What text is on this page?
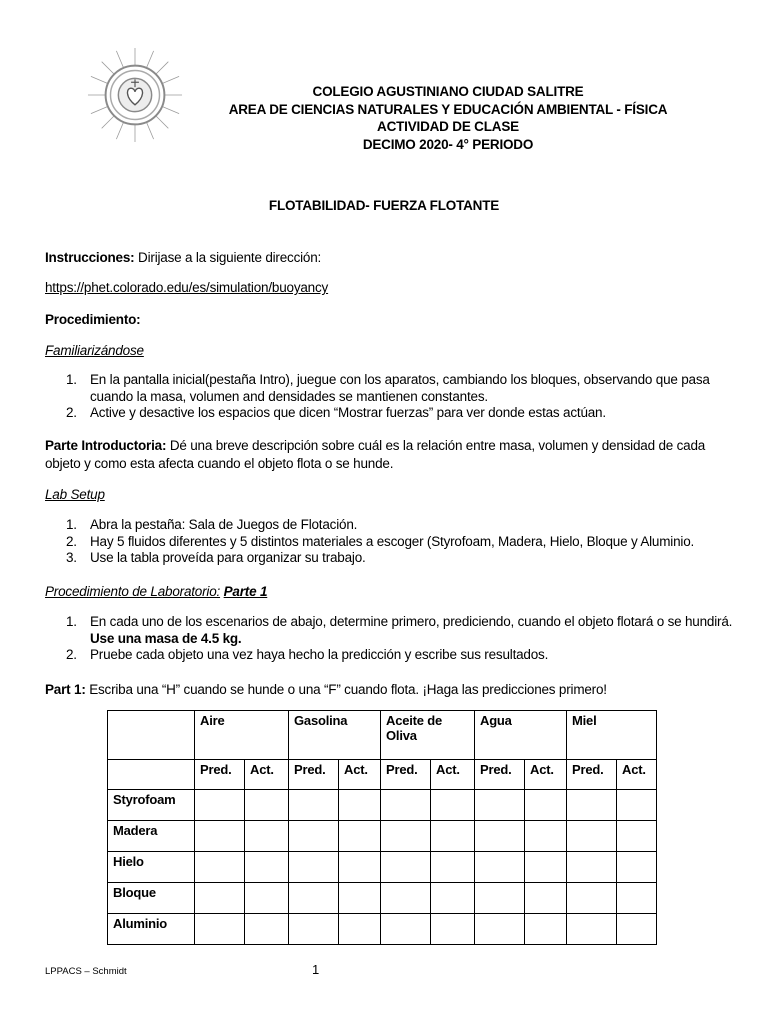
COLEGIO AGUSTINIANO CIUDAD SALITRE
AREA DE CIENCIAS NATURALES Y EDUCACIÓN AMBIENTAL - FÍSICA
ACTIVIDAD DE CLASE
DECIMO 2020- 4° PERIODO
FLOTABILIDAD- FUERZA FLOTANTE
Instrucciones: Dirijase a la siguiente dirección:
https://phet.colorado.edu/es/simulation/buoyancy
Procedimiento:
Familiarizándose
1. En la pantalla inicial(pestaña Intro), juegue con los aparatos, cambiando los bloques, observando que pasa cuando la masa, volumen and densidades se mantienen constantes.
2. Active y desactive los espacios que dicen “Mostrar fuerzas” para ver donde estas actúan.
Parte Introductoria: Dé una breve descripción sobre cuál es la relación entre masa, volumen y densidad de cada objeto y como esta afecta cuando el objeto flota o se hunde.
Lab Setup
1. Abra la pestaña: Sala de Juegos de Flotación.
2. Hay 5 fluidos diferentes y 5 distintos materiales a escoger (Styrofoam, Madera, Hielo, Bloque y Aluminio.
3. Use la tabla proveída para organizar su trabajo.
Procedimiento de Laboratorio: Parte 1
1. En cada uno de los escenarios de abajo, determine primero, prediciendo, cuando el objeto flotará o se hundirá.
Use una masa de 4.5 kg.
2. Pruebe cada objeto una vez haya hecho la predicción y escribe sus resultados.
Part 1: Escriba una “H” cuando se hunde o una “F” cuando flota. ¡Haga las predicciones primero!
	Aire		Gasolina		Aceite de Oliva		Agua		Miel	
	Pred.	Act.	Pred.	Act.	Pred.	Act.	Pred.	Act.	Pred.	Act.
Styrofoam										
Madera										
Hielo										
Bloque										
Aluminio										
LPPACS – Schmidt	1
